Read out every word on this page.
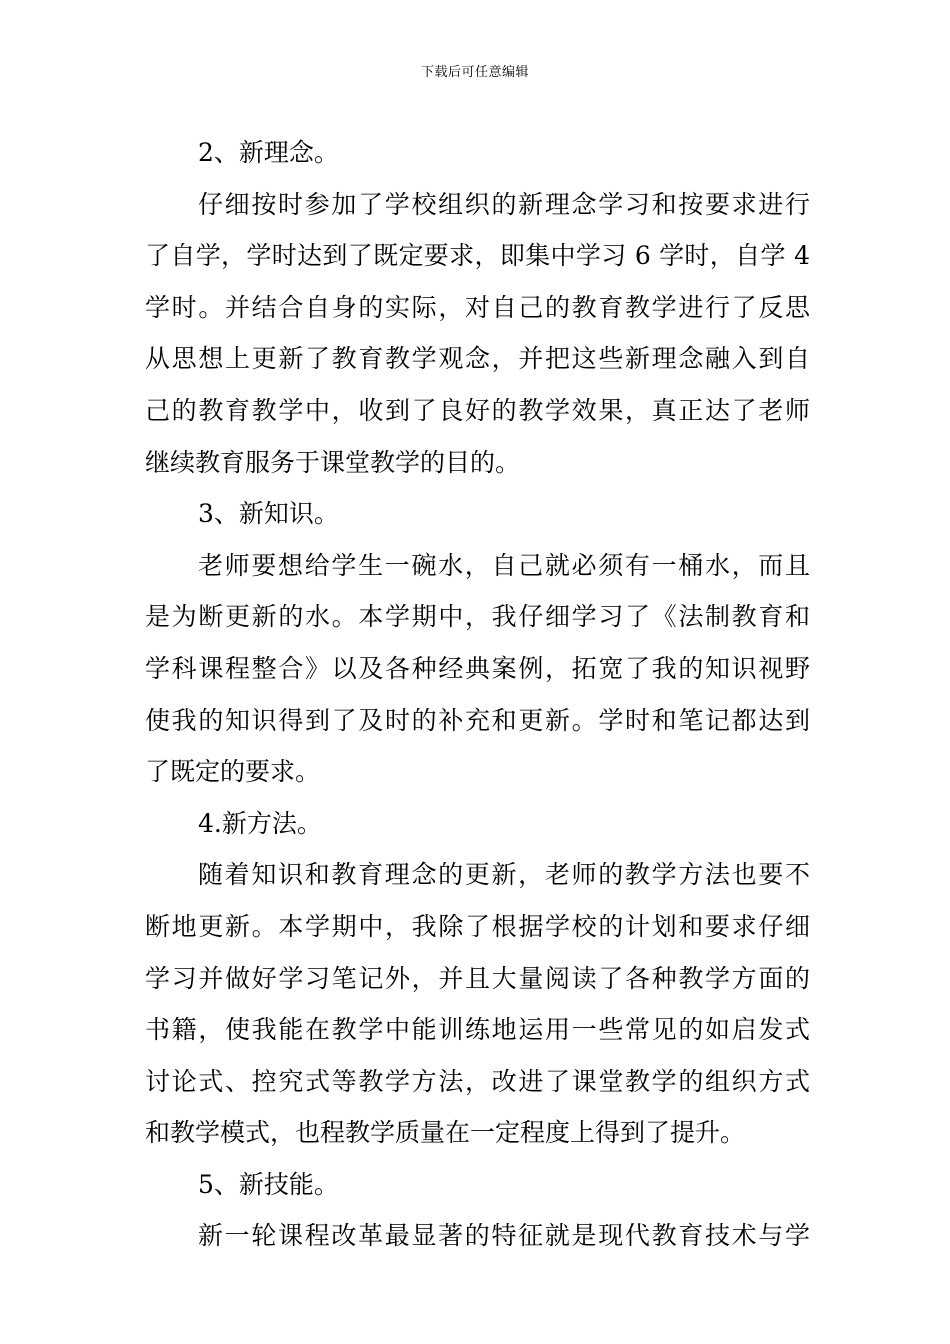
下载后可任意编辑
2、新理念。
仔细按时参加了学校组织的新理念学习和按要求进行
了自学，学时达到了既定要求，即集中学习 6 学时，自学 4
学时。并结合自身的实际，对自己的教育教学进行了反思
从思想上更新了教育教学观念，并把这些新理念融入到自
己的教育教学中，收到了良好的教学效果，真正达了老师
继续教育服务于课堂教学的目的。
3、新知识。
老师要想给学生一碗水，自己就必须有一桶水，而且
是为断更新的水。本学期中，我仔细学习了《法制教育和
学科课程整合》以及各种经典案例，拓宽了我的知识视野
使我的知识得到了及时的补充和更新。学时和笔记都达到
了既定的要求。
4.新方法。
随着知识和教育理念的更新，老师的教学方法也要不
断地更新。本学期中，我除了根据学校的计划和要求仔细
学习并做好学习笔记外，并且大量阅读了各种教学方面的
书籍，使我能在教学中能训练地运用一些常见的如启发式
讨论式、控究式等教学方法，改进了课堂教学的组织方式
和教学模式，也程教学质量在一定程度上得到了提升。
5、新技能。
新一轮课程改革最显著的特征就是现代教育技术与学
